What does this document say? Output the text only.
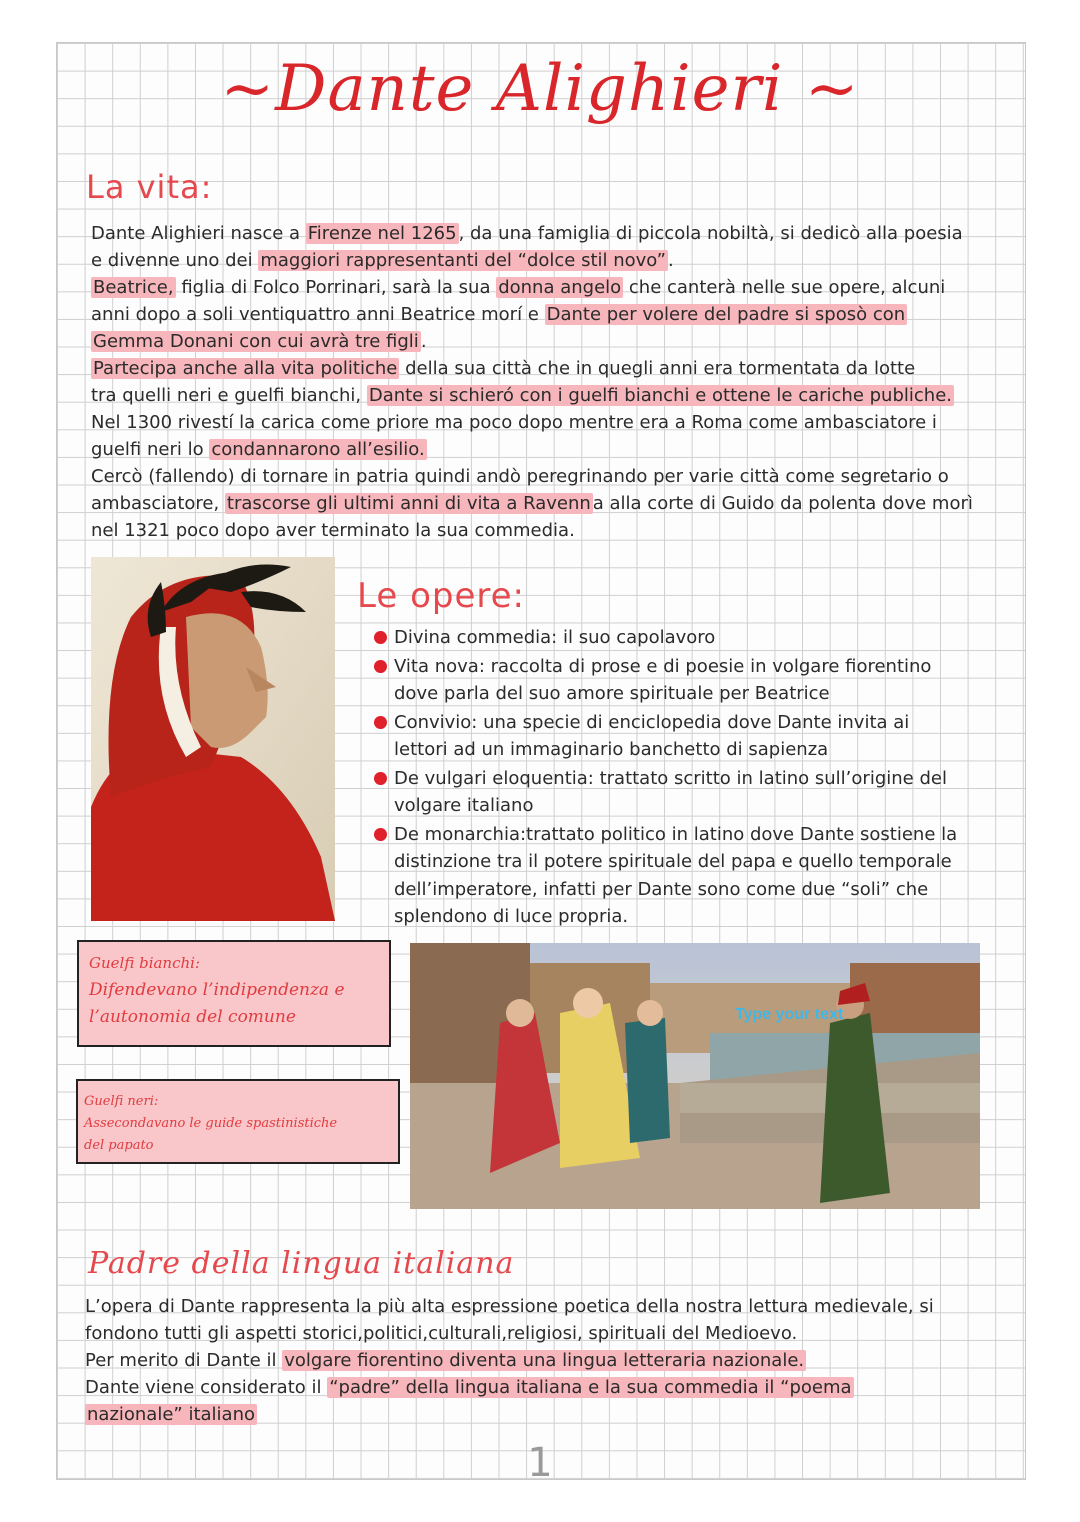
~Dante Alighieri ~
La vita:

Dante Alighieri nasce a Firenze nel 1265 , da una famiglia di piccola nobiltà, si dedicò alla poesia

e divenne uno dei maggiori rappresentanti del “dolce stil novo” .

Beatrice, figlia di Folco Porrinari, sarà la sua donna angelo che canterà nelle sue opere, alcuni

anni dopo a soli ventiquattro anni Beatrice morí e Dante per volere del padre si sposò con

Gemma Donani con cui avrà tre figli .

Partecipa anche alla vita politiche della sua città che in quegli anni era tormentata da lotte

tra quelli neri e guelfi bianchi, Dante si schieró con i guelfi bianchi e ottene le cariche publiche.

Nel 1300 rivestí la carica come priore ma poco dopo mentre era a Roma come ambasciatore i

guelfi neri lo condannarono all’esilio.

Cercò (fallendo) di tornare in patria quindi andò peregrinando per varie città come segretario o

ambasciatore, trascorse gli ultimi anni di vita a Ravenn a alla corte di Guido da polenta dove morì

nel 1321 poco dopo aver terminato la sua commedia.

Le opere:
Divina commedia: il suo capolavoro
Vita nova: raccolta di prose e di poesie in volgare fiorentino
dove parla del suo amore spirituale per Beatrice
Convivio: una specie di enciclopedia dove Dante invita ai
lettori ad un immaginario banchetto di sapienza
De vulgari eloquentia: trattato scritto in latino sull’origine del
volgare italiano
De monarchia:trattato politico in latino dove Dante sostiene la
distinzione tra il potere spirituale del papa e quello temporale
dell’imperatore, infatti per Dante sono come due “soli” che
splendono di luce propria.

Guelfi bianchi:

Difendevano l’indipendenza e

l’autonomia del comune

Guelfi neri:

Assecondavano le guide spastinistiche

del papato

Type your text
Padre della lingua italiana

L’opera di Dante rappresenta la più alta espressione poetica della nostra lettura medievale, si

fondono tutti gli aspetti storici,politici,culturali,religiosi, spirituali del Medioevo.

Per merito di Dante il volgare fiorentino diventa una lingua letteraria nazionale.

Dante viene considerato il “padre” della lingua italiana e la sua commedia il “poema

nazionale” italiano

1
